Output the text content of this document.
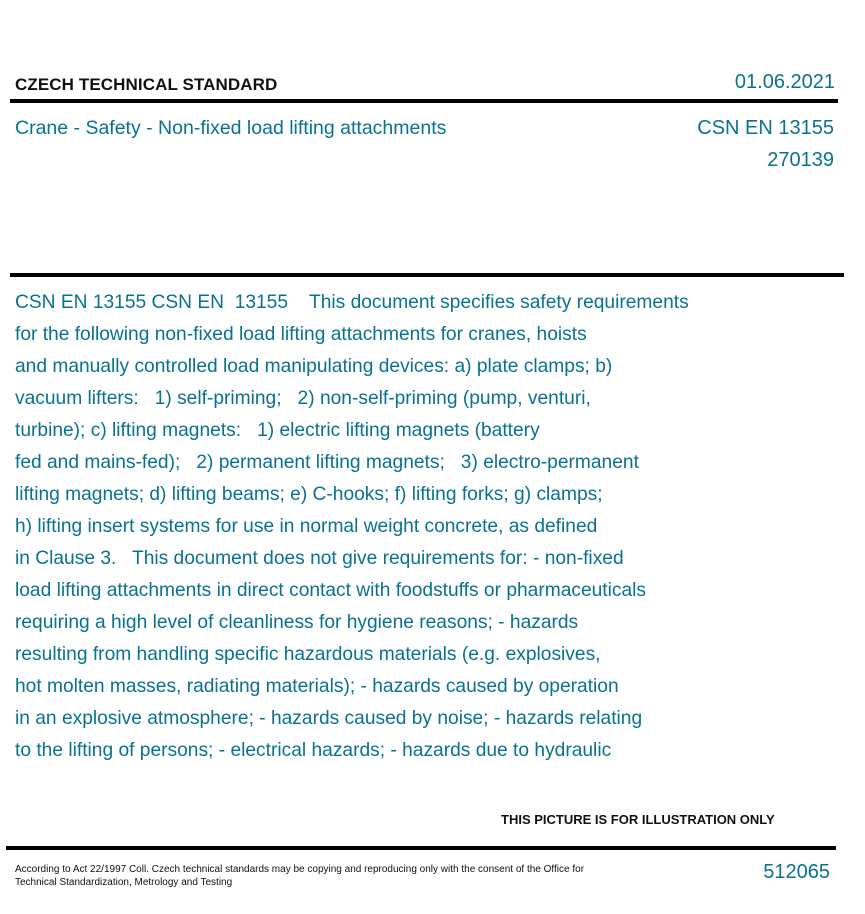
CZECH TECHNICAL STANDARD	01.06.2021
Crane - Safety - Non-fixed load lifting attachments	CSN EN 13155
270139
CSN EN 13155 CSN EN  13155    This document specifies safety requirements
for the following non-fixed load lifting attachments for cranes, hoists
and manually controlled load manipulating devices: a) plate clamps; b)
vacuum lifters:   1) self-priming;   2) non-self-priming (pump, venturi,
turbine); c) lifting magnets:   1) electric lifting magnets (battery
fed and mains-fed);   2) permanent lifting magnets;   3) electro-permanent
lifting magnets; d) lifting beams; e) C-hooks; f) lifting forks; g) clamps;
h) lifting insert systems for use in normal weight concrete, as defined
in Clause 3.   This document does not give requirements for: - non-fixed
load lifting attachments in direct contact with foodstuffs or pharmaceuticals
requiring a high level of cleanliness for hygiene reasons; - hazards
resulting from handling specific hazardous materials (e.g. explosives,
hot molten masses, radiating materials); - hazards caused by operation
in an explosive atmosphere; - hazards caused by noise; - hazards relating
to the lifting of persons; - electrical hazards; - hazards due to hydraulic
THIS PICTURE IS FOR ILLUSTRATION ONLY
According to Act 22/1997 Coll. Czech technical standards may be copying and reproducing only with the consent of the Office for Technical Standardization, Metrology and Testing	512065
